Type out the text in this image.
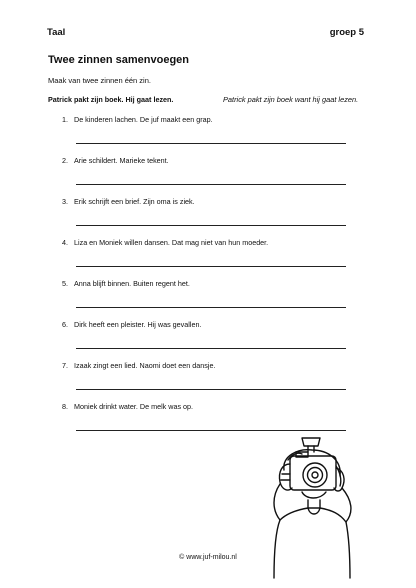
Taal	groep 5
Twee zinnen samenvoegen
Maak van twee zinnen één zin.
Patrick pakt zijn boek. Hij gaat lezen.	Patrick pakt zijn boek want hij gaat lezen.
1. De kinderen lachen. De juf maakt een grap.
2. Arie schildert. Marieke tekent.
3. Erik schrijft een brief. Zijn oma is ziek.
4. Liza en Moniek willen dansen. Dat mag niet van hun moeder.
5. Anna blijft binnen. Buiten regent het.
6. Dirk heeft een pleister. Hij was gevallen.
7. Izaak zingt een lied. Naomi doet een dansje.
8. Moniek drinkt water. De melk was op.
© www.juf-milou.nl
